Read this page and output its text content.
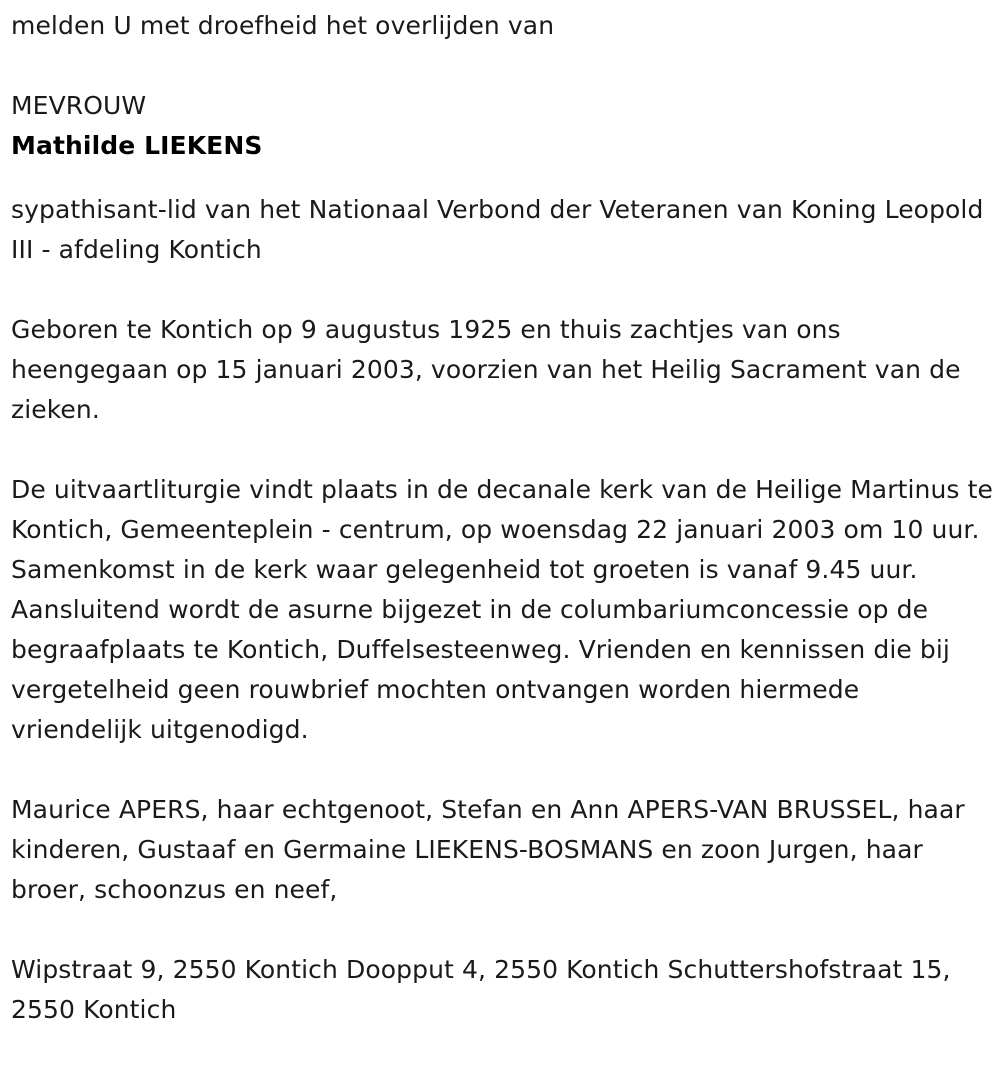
melden U met droefheid het overlijden van

MEVROUW

Mathilde LIEKENS

sypathisant-lid van het Nationaal Verbond der Veteranen van Koning Leopold III - afdeling Kontich

Geboren te Kontich op 9 augustus 1925 en thuis zachtjes van ons heengegaan op 15 januari 2003, voorzien van het Heilig Sacrament van de zieken.

De uitvaartliturgie vindt plaats in de decanale kerk van de Heilige Martinus te Kontich, Gemeenteplein - centrum, op woensdag 22 januari 2003 om 10 uur. Samenkomst in de kerk waar gelegenheid tot groeten is vanaf 9.45 uur. Aansluitend wordt de asurne bijgezet in de columbariumconcessie op de begraafplaats te Kontich, Duffelsesteenweg. Vrienden en kennissen die bij vergetelheid geen rouwbrief mochten ontvangen worden hiermede vriendelijk uitgenodigd.

Maurice APERS, haar echtgenoot, Stefan en Ann APERS-VAN BRUSSEL, haar kinderen, Gustaaf en Germaine LIEKENS-BOSMANS en zoon Jurgen, haar broer, schoonzus en neef,

Wipstraat 9, 2550 Kontich Doopput 4, 2550 Kontich Schuttershofstraat 15, 2550 Kontich
